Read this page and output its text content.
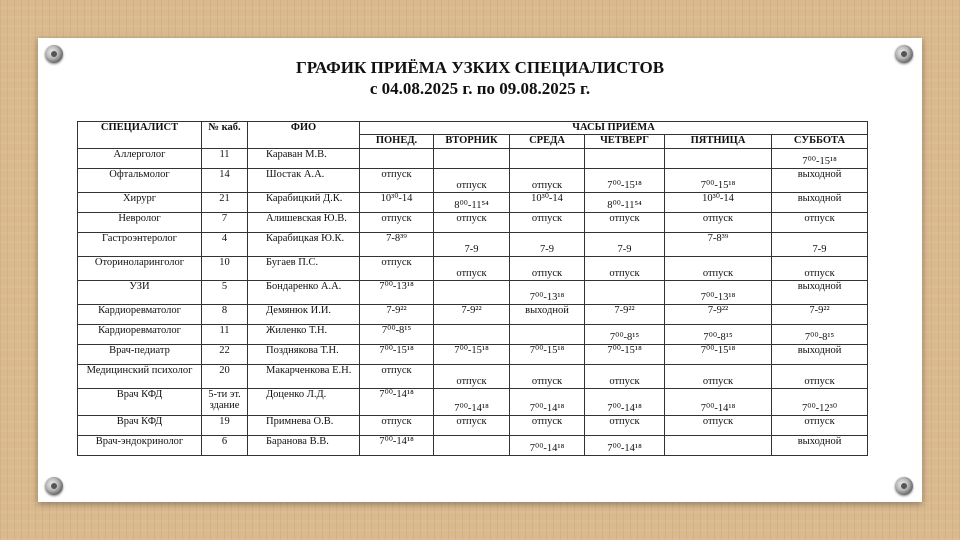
ГРАФИК ПРИЁМА УЗКИХ СПЕЦИАЛИСТОВ
с 04.08.2025 г. по 09.08.2025 г.
СПЕЦИАЛИСТ	№ каб.	ФИО	ЧАСЫ ПРИЁМА					
			ПОНЕД.	ВТОРНИК	СРЕДА	ЧЕТВЕРГ	ПЯТНИЦА	СУББОТА
Аллерголог	11	Караван М.В.						7⁰⁰-15¹⁸
Офтальмолог	14	Шостак А.А.	отпуск	отпуск	отпуск	7⁰⁰-15¹⁸	7⁰⁰-15¹⁸	выходной
Хирург	21	Карабицкий Д.К.	10³⁰-14	8⁰⁰-11⁵⁴	10³⁰-14	8⁰⁰-11⁵⁴	10³⁰-14	выходной
Невролог	7	Алишевская Ю.В.	отпуск	отпуск	отпуск	отпуск	отпуск	отпуск
Гастроэнтеролог	4	Карабицкая Ю.К.	7-8³⁹	7-9	7-9	7-9	7-8³⁹	7-9
Оториноларинголог	10	Бугаев П.С.	отпуск	отпуск	отпуск	отпуск	отпуск	отпуск
УЗИ	5	Бондаренко А.А.	7⁰⁰-13¹⁸		7⁰⁰-13¹⁸		7⁰⁰-13¹⁸	выходной
Кардиоревматолог	8	Демянюк И.И.	7-9²²	7-9²²	выходной	7-9²²	7-9²²	7-9²²
Кардиоревматолог	11	Жиленко Т.Н.	7⁰⁰-8¹⁵			7⁰⁰-8¹⁵	7⁰⁰-8¹⁵	7⁰⁰-8¹⁵
Врач-педиатр	22	Позднякова Т.Н.	7⁰⁰-15¹⁸	7⁰⁰-15¹⁸	7⁰⁰-15¹⁸	7⁰⁰-15¹⁸	7⁰⁰-15¹⁸	выходной
Медицинский психолог	20	Макарченкова Е.Н.	отпуск	отпуск	отпуск	отпуск	отпуск	отпуск
Врач КФД	5-ти эт. здание	Доценко Л.Д.	7⁰⁰-14¹⁸	7⁰⁰-14¹⁸	7⁰⁰-14¹⁸	7⁰⁰-14¹⁸	7⁰⁰-14¹⁸	7⁰⁰-12³⁰
Врач КФД	19	Примнева О.В.	отпуск	отпуск	отпуск	отпуск	отпуск	отпуск
Врач-эндокринолог	6	Баранова В.В.	7⁰⁰-14¹⁸		7⁰⁰-14¹⁸	7⁰⁰-14¹⁸		выходной
